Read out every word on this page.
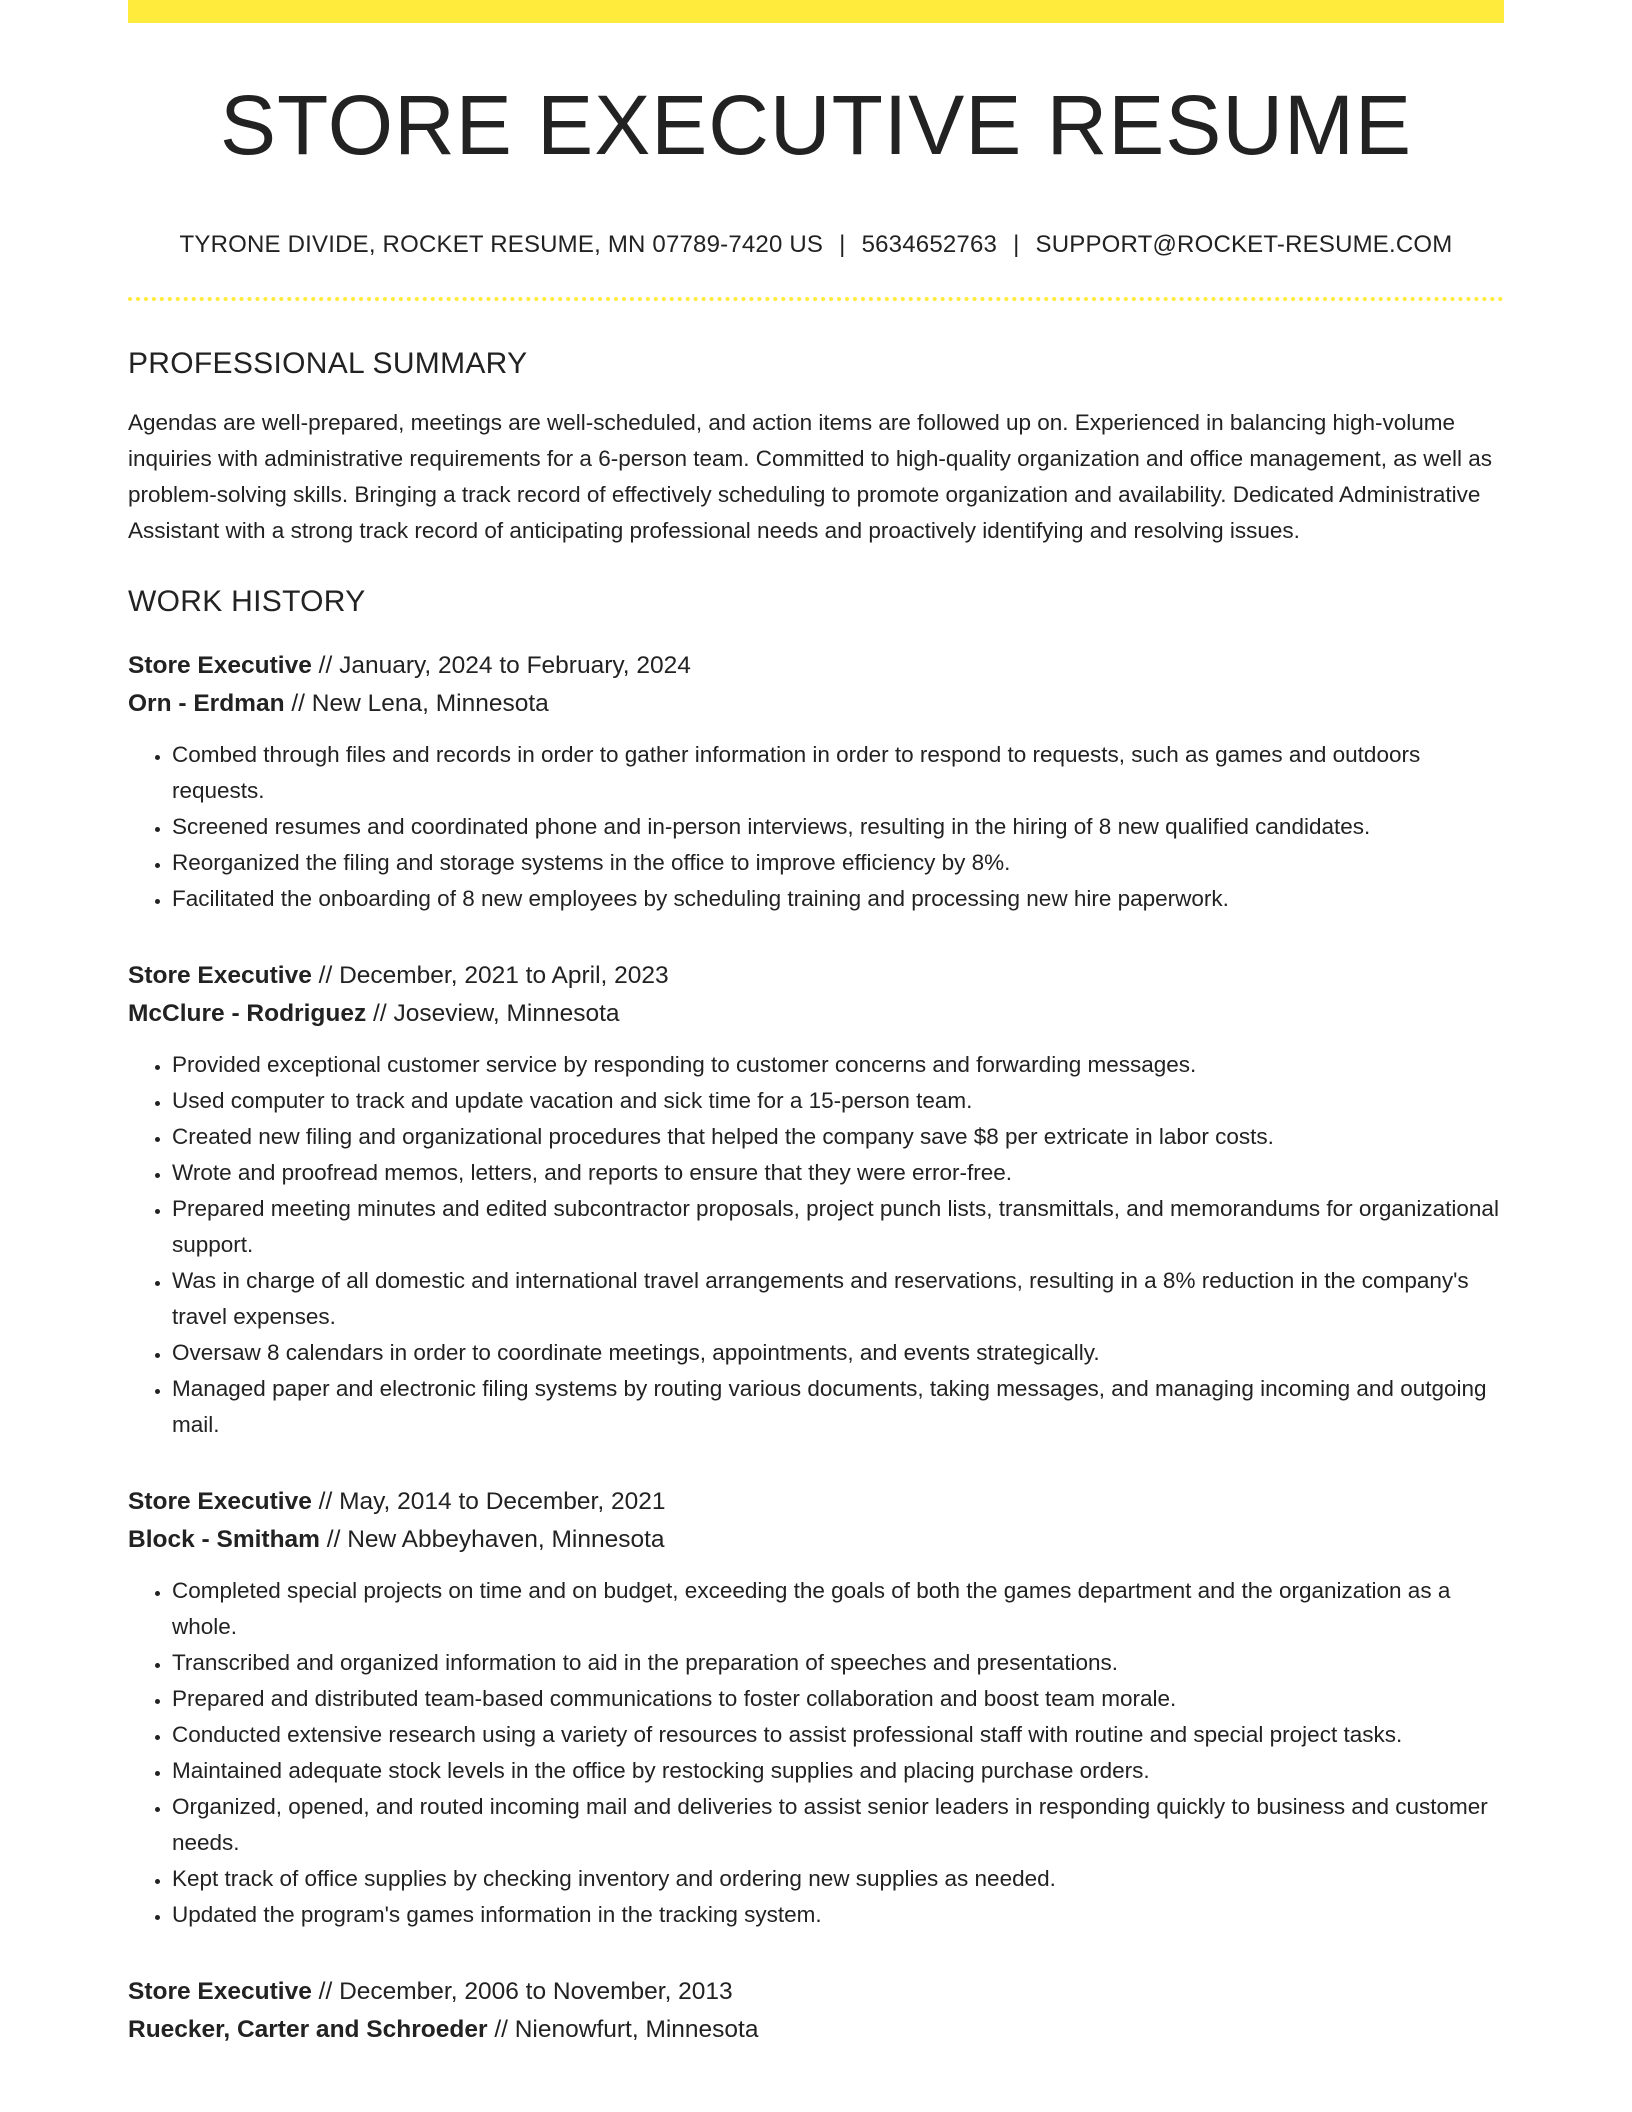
STORE EXECUTIVE RESUME
TYRONE DIVIDE, ROCKET RESUME, MN 07789-7420 US | 5634652763 | SUPPORT@ROCKET-RESUME.COM
PROFESSIONAL SUMMARY

Agendas are well-prepared, meetings are well-scheduled, and action items are followed up on. Experienced in balancing high-volume inquiries with administrative requirements for a 6-person team. Committed to high-quality organization and office management, as well as problem-solving skills. Bringing a track record of effectively scheduling to promote organization and availability. Dedicated Administrative Assistant with a strong track record of anticipating professional needs and proactively identifying and resolving issues.

WORK HISTORY
Store Executive // January, 2024 to February, 2024
Orn - Erdman // New Lena, Minnesota
• Combed through files and records in order to gather information in order to respond to requests, such as games and outdoors requests.
• Screened resumes and coordinated phone and in-person interviews, resulting in the hiring of 8 new qualified candidates.
• Reorganized the filing and storage systems in the office to improve efficiency by 8%.
• Facilitated the onboarding of 8 new employees by scheduling training and processing new hire paperwork.
Store Executive // December, 2021 to April, 2023
McClure - Rodriguez // Joseview, Minnesota
• Provided exceptional customer service by responding to customer concerns and forwarding messages.
• Used computer to track and update vacation and sick time for a 15-person team.
• Created new filing and organizational procedures that helped the company save $8 per extricate in labor costs.
• Wrote and proofread memos, letters, and reports to ensure that they were error-free.
• Prepared meeting minutes and edited subcontractor proposals, project punch lists, transmittals, and memorandums for organizational support.
• Was in charge of all domestic and international travel arrangements and reservations, resulting in a 8% reduction in the company's travel expenses.
• Oversaw 8 calendars in order to coordinate meetings, appointments, and events strategically.
• Managed paper and electronic filing systems by routing various documents, taking messages, and managing incoming and outgoing mail.
Store Executive // May, 2014 to December, 2021
Block - Smitham // New Abbeyhaven, Minnesota
• Completed special projects on time and on budget, exceeding the goals of both the games department and the organization as a whole.
• Transcribed and organized information to aid in the preparation of speeches and presentations.
• Prepared and distributed team-based communications to foster collaboration and boost team morale.
• Conducted extensive research using a variety of resources to assist professional staff with routine and special project tasks.
• Maintained adequate stock levels in the office by restocking supplies and placing purchase orders.
• Organized, opened, and routed incoming mail and deliveries to assist senior leaders in responding quickly to business and customer needs.
• Kept track of office supplies by checking inventory and ordering new supplies as needed.
• Updated the program's games information in the tracking system.
Store Executive // December, 2006 to November, 2013
Ruecker, Carter and Schroeder // Nienowfurt, Minnesota
